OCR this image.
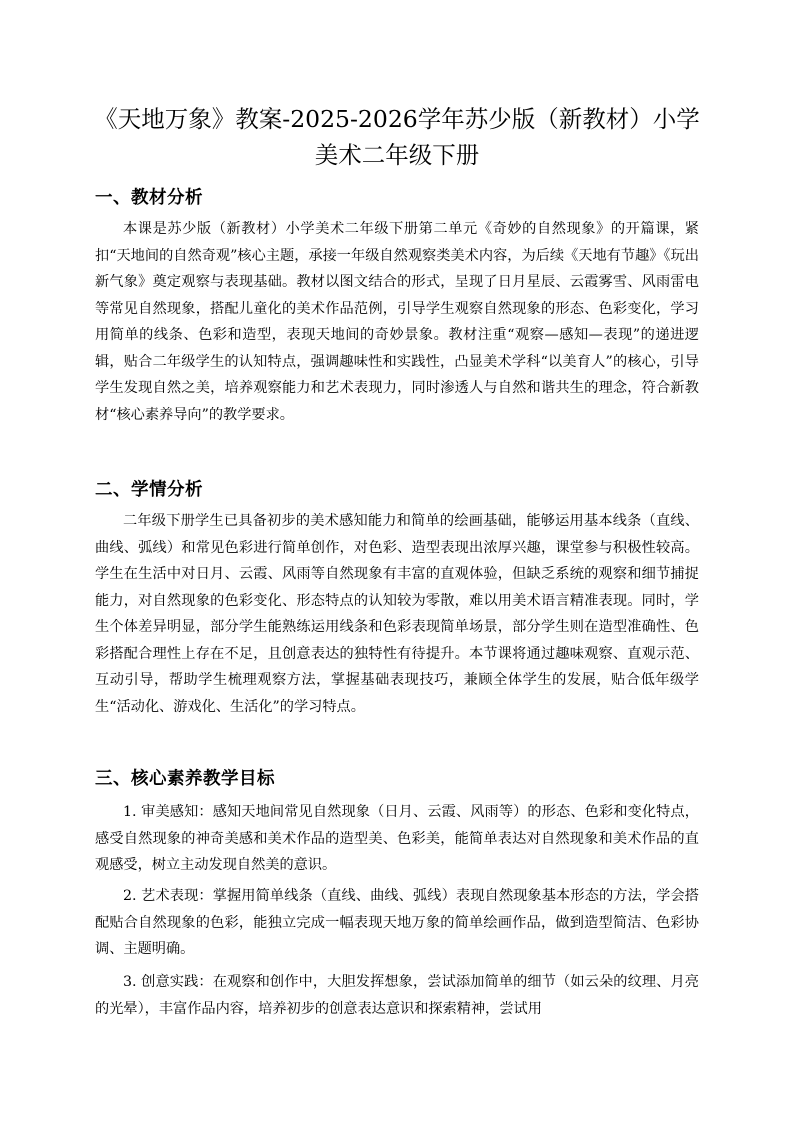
《天地万象》教案-2025-2026学年苏少版（新教材）小学
美术二年级下册
一、教材分析
本课是苏少版（新教材）小学美术二年级下册第二单元《奇妙的自然现象》的开篇课，紧扣“天地间的自然奇观”核心主题，承接一年级自然观察类美术内容，为后续《天地有节趣》《玩出新气象》奠定观察与表现基础。教材以图文结合的形式，呈现了日月星辰、云霞雾雪、风雨雷电等常见自然现象，搭配儿童化的美术作品范例，引导学生观察自然现象的形态、色彩变化，学习用简单的线条、色彩和造型，表现天地间的奇妙景象。教材注重“观察—感知—表现”的递进逻辑，贴合二年级学生的认知特点，强调趣味性和实践性，凸显美术学科“以美育人”的核心，引导学生发现自然之美，培养观察能力和艺术表现力，同时渗透人与自然和谐共生的理念，符合新教材“核心素养导向”的教学要求。
二、学情分析
二年级下册学生已具备初步的美术感知能力和简单的绘画基础，能够运用基本线条（直线、曲线、弧线）和常见色彩进行简单创作，对色彩、造型表现出浓厚兴趣，课堂参与积极性较高。学生在生活中对日月、云霞、风雨等自然现象有丰富的直观体验，但缺乏系统的观察和细节捕捉能力，对自然现象的色彩变化、形态特点的认知较为零散，难以用美术语言精准表现。同时，学生个体差异明显，部分学生能熟练运用线条和色彩表现简单场景，部分学生则在造型准确性、色彩搭配合理性上存在不足，且创意表达的独特性有待提升。本节课将通过趣味观察、直观示范、互动引导，帮助学生梳理观察方法，掌握基础表现技巧，兼顾全体学生的发展，贴合低年级学生“活动化、游戏化、生活化”的学习特点。
三、核心素养教学目标
1. 审美感知：感知天地间常见自然现象（日月、云霞、风雨等）的形态、色彩和变化特点，感受自然现象的神奇美感和美术作品的造型美、色彩美，能简单表达对自然现象和美术作品的直观感受，树立主动发现自然美的意识。
2. 艺术表现：掌握用简单线条（直线、曲线、弧线）表现自然现象基本形态的方法，学会搭配贴合自然现象的色彩，能独立完成一幅表现天地万象的简单绘画作品，做到造型简洁、色彩协调、主题明确。
3. 创意实践：在观察和创作中，大胆发挥想象，尝试添加简单的细节（如云朵的纹理、月亮的光晕），丰富作品内容，培养初步的创意表达意识和探索精神，尝试用
